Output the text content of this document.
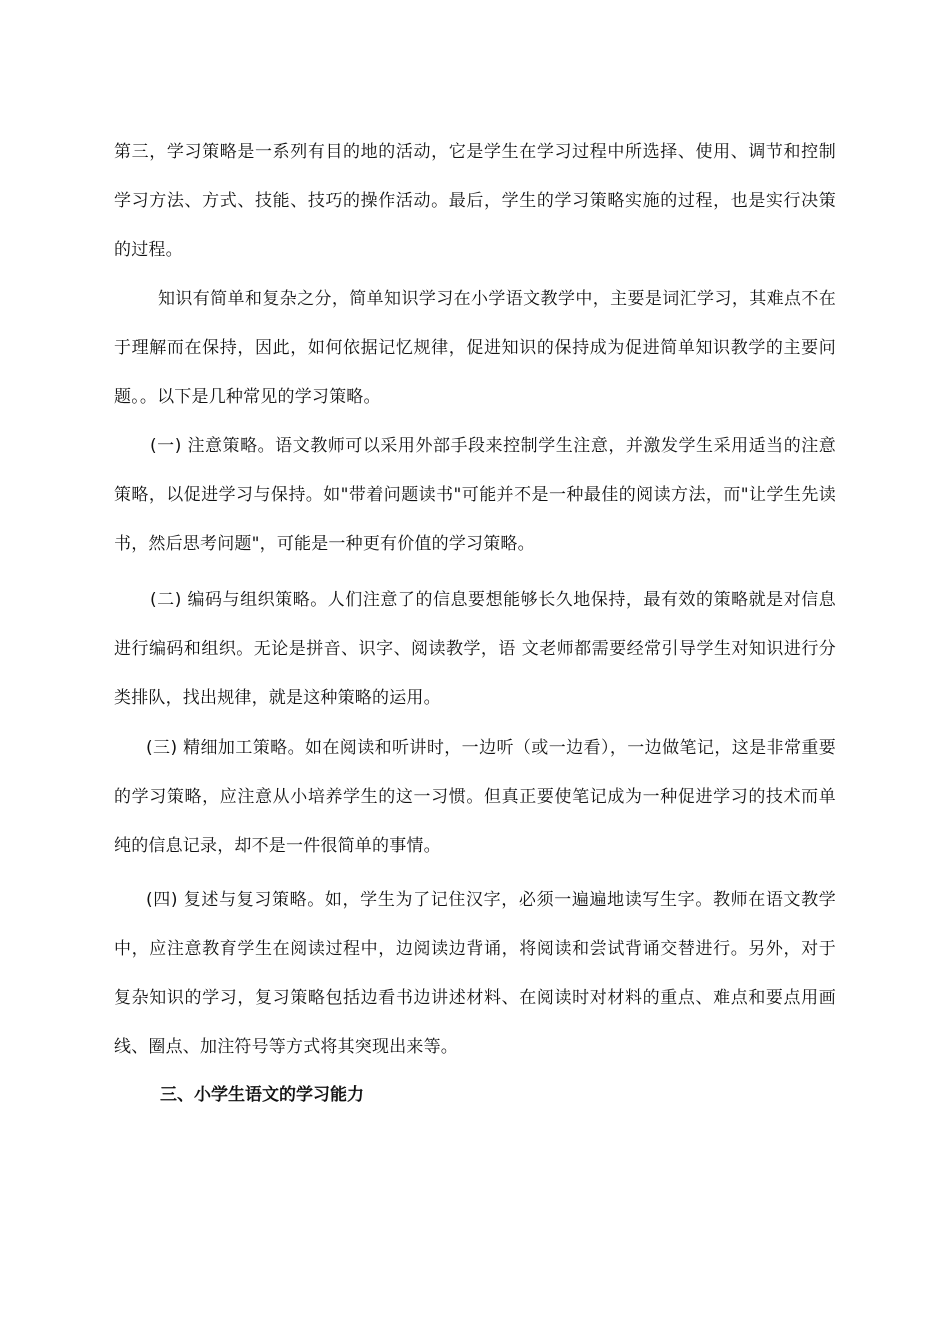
第三，学习策略是一系列有目的地的活动，它是学生在学习过程中所选择、使用、调节和控制学习方法、方式、技能、技巧的操作活动。最后，学生的学习策略实施的过程，也是实行决策的过程。

知识有简单和复杂之分，简单知识学习在小学语文教学中，主要是词汇学习，其难点不在于理解而在保持，因此，如何依据记忆规律，促进知识的保持成为促进简单知识教学的主要问题。。以下是几种常见的学习策略。

(一) 注意策略。语文教师可以采用外部手段来控制学生注意，并激发学生采用适当的注意策略，以促进学习与保持。如"带着问题读书"可能并不是一种最佳的阅读方法，而"让学生先读书，然后思考问题"，可能是一种更有价值的学习策略。

(二) 编码与组织策略。人们注意了的信息要想能够长久地保持，最有效的策略就是对信息进行编码和组织。无论是拼音、识字、阅读教学，语 文老师都需要经常引导学生对知识进行分类排队，找出规律，就是这种策略的运用。

(三) 精细加工策略。如在阅读和听讲时，一边听（或一边看），一边做笔记，这是非常重要的学习策略，应注意从小培养学生的这一习惯。但真正要使笔记成为一种促进学习的技术而单纯的信息记录，却不是一件很简单的事情。

(四) 复述与复习策略。如，学生为了记住汉字，必须一遍遍地读写生字。教师在语文教学中，应注意教育学生在阅读过程中，边阅读边背诵，将阅读和尝试背诵交替进行。另外，对于复杂知识的学习，复习策略包括边看书边讲述材料、在阅读时对材料的重点、难点和要点用画线、圈点、加注符号等方式将其突现出来等。

三、小学生语文的学习能力
